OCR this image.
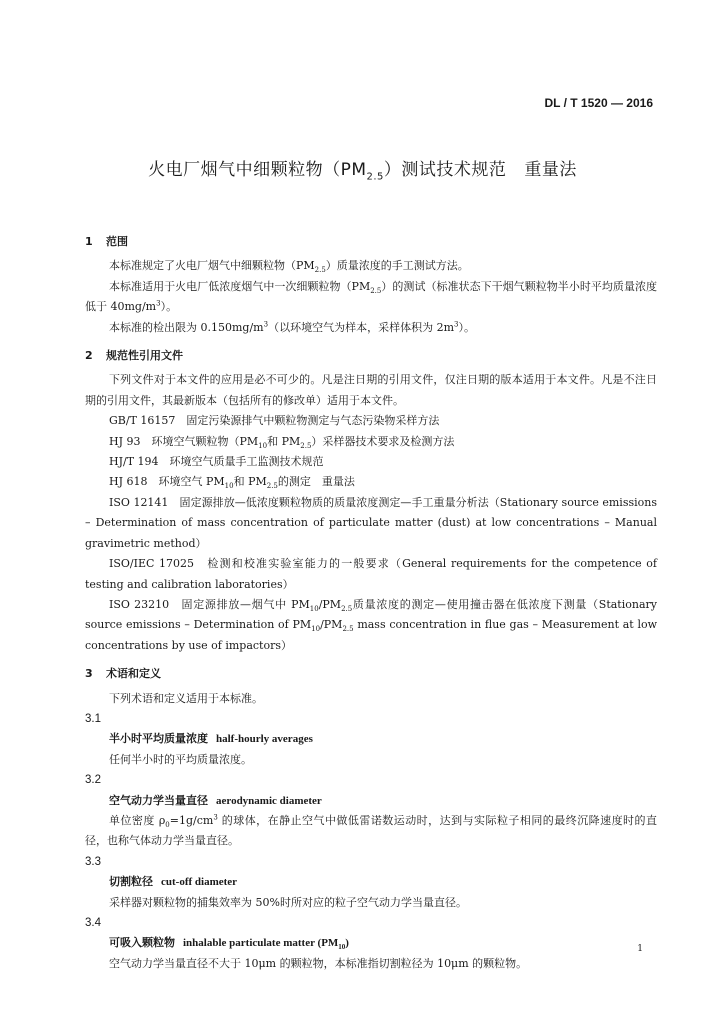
DL / T 1520 — 2016
火电厂烟气中细颗粒物$(PM_{2.5})$测试技术规范 重量法
1 范围

本标准规定了火电厂烟气中细颗粒物$(PM_{2.5})$质量浓度的手工测试方法。

本标准适用于火电厂低浓度烟气中一次细颗粒物$(PM_{2.5})$的测试（标准状态下干烟气颗粒物半小时平均质量浓度低于 $40mg/m^3$）。

本标准的检出限为 $0.150mg/m^3$（以环境空气为样本，采样体积为 $2m^3$）。

2 规范性引用文件

下列文件对于本文件的应用是必不可少的。凡是注日期的引用文件，仅注日期的版本适用于本文件。凡是不注日期的引用文件，其最新版本（包括所有的修改单）适用于本文件。

GB/T 16157　固定污染源排气中颗粒物测定与气态污染物采样方法

HJ 93　环境空气颗粒物（$PM_{10}$和 $PM_{2.5}$）采样器技术要求及检测方法

HJ/T 194　环境空气质量手工监测技术规范

HJ 618　环境空气 $PM_{10}$和 $PM_{2.5}$的测定　重量法

ISO 12141　固定源排放—低浓度颗粒物质的质量浓度测定—手工重量分析法（Stationary source emissions – Determination of mass concentration of particulate matter (dust) at low concentrations – Manual gravimetric method）

ISO/IEC 17025　检测和校准实验室能力的一般要求（General requirements for the competence of testing and calibration laboratories）

ISO 23210　固定源排放—烟气中 $PM_{10}/PM_{2.5}$质量浓度的测定—使用撞击器在低浓度下测量（Stationary source emissions – Determination of $PM_{10}/PM_{2.5}$ mass concentration in flue gas – Measurement at low concentrations by use of impactors）

3 术语和定义

下列术语和定义适用于本标准。

3.1

半小时平均质量浓度 half-hourly averages

任何半小时的平均质量浓度。

3.2

空气动力学当量直径 aerodynamic diameter

单位密度 $\rho_0=1g/cm^3$ 的球体，在静止空气中做低雷诺数运动时，达到与实际粒子相同的最终沉降速度时的直径，也称气体动力学当量直径。

3.3

切割粒径 cut-off diameter

采样器对颗粒物的捕集效率为 50%时所对应的粒子空气动力学当量直径。

3.4

可吸入颗粒物 inhalable particulate matter $(PM_{10})$

空气动力学当量直径不大于 10μm 的颗粒物，本标准指切割粒径为 10μm 的颗粒物。

1
